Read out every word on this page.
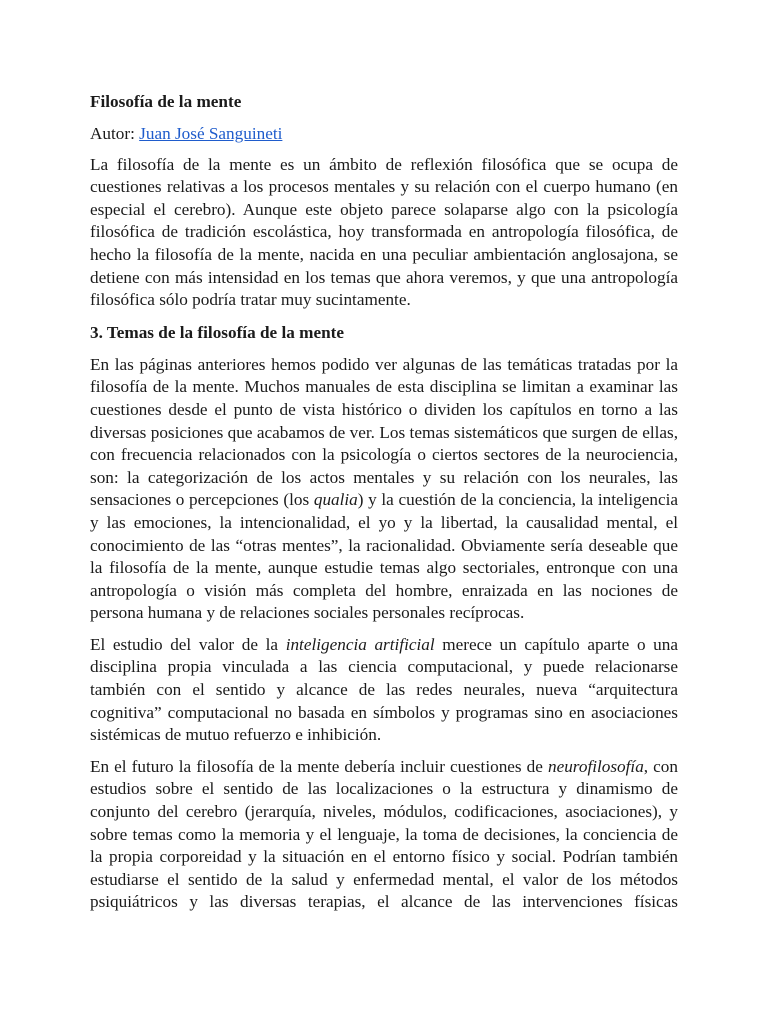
Filosofía de la mente
Autor: Juan José Sanguineti

La filosofía de la mente es un ámbito de reflexión filosófica que se ocupa de cuestiones relativas a los procesos mentales y su relación con el cuerpo humano (en especial el cerebro). Aunque este objeto parece solaparse algo con la psicología filosófica de tradición escolástica, hoy transformada en antropología filosófica, de hecho la filosofía de la mente, nacida en una peculiar ambientación anglosajona, se detiene con más intensidad en los temas que ahora veremos, y que una antropología filosófica sólo podría tratar muy sucintamente.

3. Temas de la filosofía de la mente

En las páginas anteriores hemos podido ver algunas de las temáticas tratadas por la filosofía de la mente. Muchos manuales de esta disciplina se limitan a examinar las cuestiones desde el punto de vista histórico o dividen los capítulos en torno a las diversas posiciones que acabamos de ver. Los temas sistemáticos que surgen de ellas, con frecuencia relacionados con la psicología o ciertos sectores de la neurociencia, son: la categorización de los actos mentales y su relación con los neurales, las sensaciones o percepciones (los qualia) y la cuestión de la conciencia, la inteligencia y las emociones, la intencionalidad, el yo y la libertad, la causalidad mental, el conocimiento de las “otras mentes”, la racionalidad. Obviamente sería deseable que la filosofía de la mente, aunque estudie temas algo sectoriales, entronque con una antropología o visión más completa del hombre, enraizada en las nociones de persona humana y de relaciones sociales personales recíprocas.

El estudio del valor de la inteligencia artificial merece un capítulo aparte o una disciplina propia vinculada a las ciencia computacional, y puede relacionarse también con el sentido y alcance de las redes neurales, nueva “arquitectura cognitiva” computacional no basada en símbolos y programas sino en asociaciones sistémicas de mutuo refuerzo e inhibición.

En el futuro la filosofía de la mente debería incluir cuestiones de neurofilosofía, con estudios sobre el sentido de las localizaciones o la estructura y dinamismo de conjunto del cerebro (jerarquía, niveles, módulos, codificaciones, asociaciones), y sobre temas como la memoria y el lenguaje, la toma de decisiones, la conciencia de la propia corporeidad y la situación en el entorno físico y social. Podrían también estudiarse el sentido de la salud y enfermedad mental, el valor de los métodos psiquiátricos y las diversas terapias, el alcance de las intervenciones físicas
